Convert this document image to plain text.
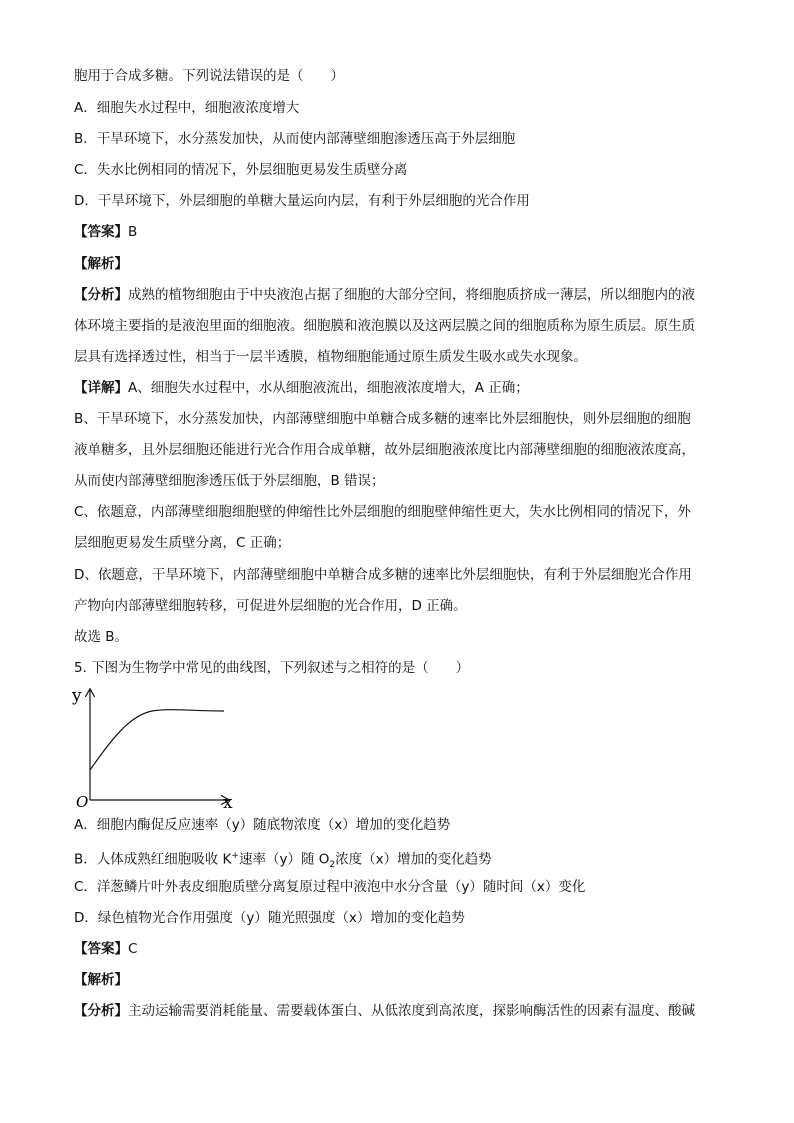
胞用于合成多糖。下列说法错误的是（　　）
A．细胞失水过程中，细胞液浓度增大
B．干旱环境下，水分蒸发加快，从而使内部薄壁细胞渗透压高于外层细胞
C．失水比例相同的情况下，外层细胞更易发生质壁分离
D．干旱环境下，外层细胞的单糖大量运向内层，有利于外层细胞的光合作用
【答案】B
【解析】
【分析】成熟的植物细胞由于中央液泡占据了细胞的大部分空间，将细胞质挤成一薄层，所以细胞内的液
体环境主要指的是液泡里面的细胞液。细胞膜和液泡膜以及这两层膜之间的细胞质称为原生质层。原生质
层具有选择透过性，相当于一层半透膜，植物细胞能通过原生质发生吸水或失水现象。
【详解】A、细胞失水过程中，水从细胞液流出，细胞液浓度增大，A 正确；
B、干旱环境下，水分蒸发加快，内部薄壁细胞中单糖合成多糖的速率比外层细胞快，则外层细胞的细胞
液单糖多，且外层细胞还能进行光合作用合成单糖，故外层细胞液浓度比内部薄壁细胞的细胞液浓度高，
从而使内部薄壁细胞渗透压低于外层细胞，B 错误；
C、依题意，内部薄壁细胞细胞壁的伸缩性比外层细胞的细胞壁伸缩性更大，失水比例相同的情况下，外
层细胞更易发生质壁分离，C 正确；
D、依题意，干旱环境下，内部薄壁细胞中单糖合成多糖的速率比外层细胞快，有利于外层细胞光合作用
产物向内部薄壁细胞转移，可促进外层细胞的光合作用，D 正确。
故选 B。
5. 下图为生物学中常见的曲线图，下列叙述与之相符的是（　　）
y
x
O
A．细胞内酶促反应速率（y）随底物浓度（x）增加的变化趋势
B．人体成熟红细胞吸收 K+速率（y）随 $O_2$浓度（x）增加的变化趋势
C．洋葱鳞片叶外表皮细胞质壁分离复原过程中液泡中水分含量（y）随时间（x）变化
D．绿色植物光合作用强度（y）随光照强度（x）增加的变化趋势
【答案】C
【解析】
【分析】主动运输需要消耗能量、需要载体蛋白、从低浓度到高浓度，探影响酶活性的因素有温度、酸碱
